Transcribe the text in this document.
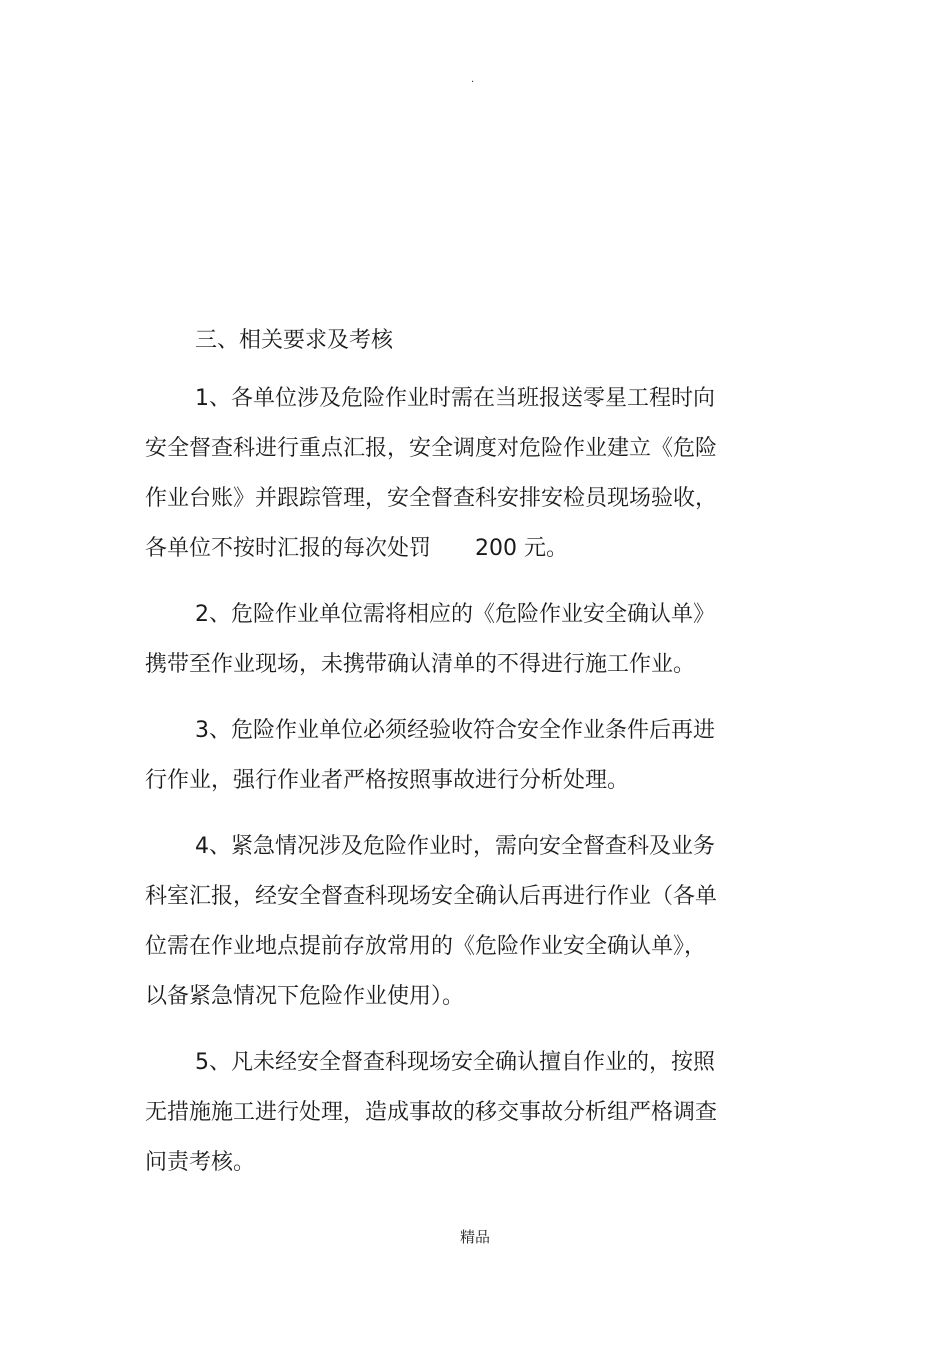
.
三、相关要求及考核
1、各单位涉及危险作业时需在当班报送零星工程时向
安全督查科进行重点汇报，安全调度对危险作业建立《危险
作业台账》并跟踪管理，安全督查科安排安检员现场验收，
各单位不按时汇报的每次处罚　　200 元。
2、危险作业单位需将相应的《危险作业安全确认单》
携带至作业现场，未携带确认清单的不得进行施工作业。
3、危险作业单位必须经验收符合安全作业条件后再进
行作业，强行作业者严格按照事故进行分析处理。
4、紧急情况涉及危险作业时，需向安全督查科及业务
科室汇报，经安全督查科现场安全确认后再进行作业（各单
位需在作业地点提前存放常用的《危险作业安全确认单》，
以备紧急情况下危险作业使用）。
5、凡未经安全督查科现场安全确认擅自作业的，按照
无措施施工进行处理，造成事故的移交事故分析组严格调查
问责考核。
精品
